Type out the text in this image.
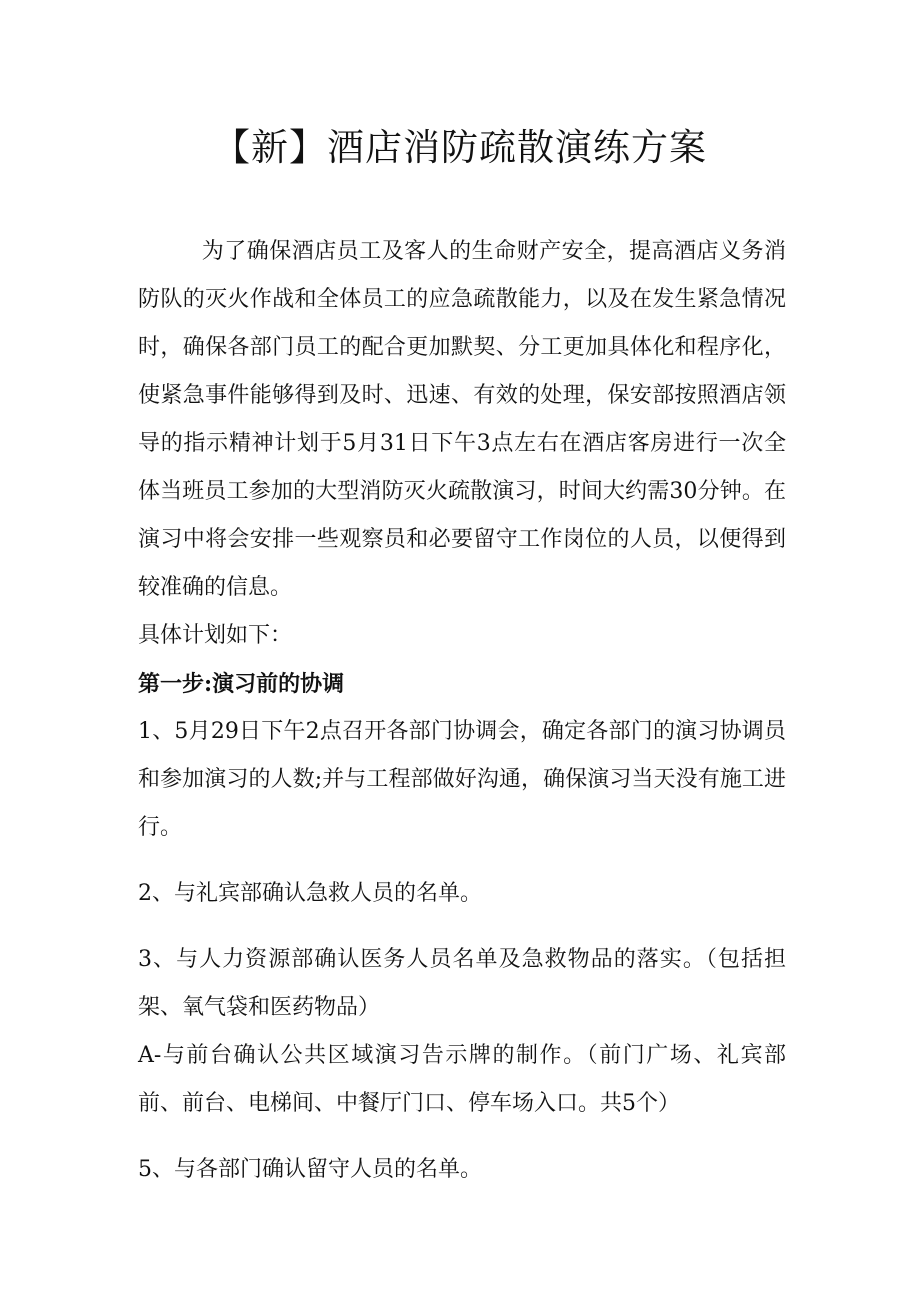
【新】酒店消防疏散演练方案

为了确保酒店员工及客人的生命财产安全，提高酒店义务消防队的灭火作战和全体员工的应急疏散能力，以及在发生紧急情况时，确保各部门员工的配合更加默契、分工更加具体化和程序化，使紧急事件能够得到及时、迅速、有效的处理，保安部按照酒店领导的指示精神计划于5月31日下午3点左右在酒店客房进行一次全体当班员工参加的大型消防灭火疏散演习，时间大约需30分钟。在演习中将会安排一些观察员和必要留守工作岗位的人员，以便得到较准确的信息。

具体计划如下：

第一步:演习前的协调

1、5月29日下午2点召开各部门协调会，确定各部门的演习协调员和参加演习的人数;并与工程部做好沟通，确保演习当天没有施工进行。

2、与礼宾部确认急救人员的名单。

3、与人力资源部确认医务人员名单及急救物品的落实。（包括担架、氧气袋和医药物品）

A-与前台确认公共区域演习告示牌的制作。（前门广场、礼宾部前、前台、电梯间、中餐厅门口、停车场入口。共5个）

5、与各部门确认留守人员的名单。
